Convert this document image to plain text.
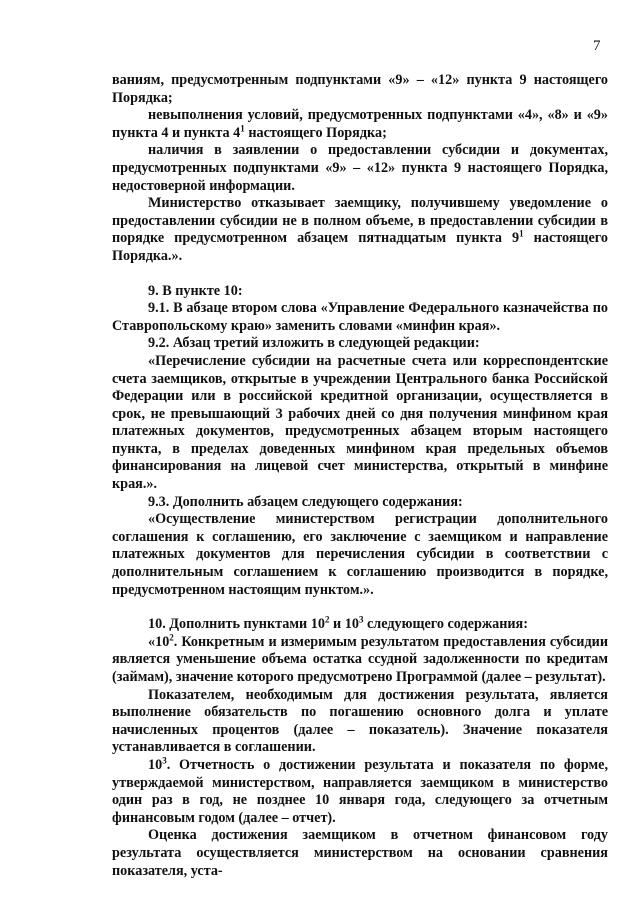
7

ваниям, предусмотренным подпунктами «9» – «12» пункта 9 настоящего Порядка;

невыполнения условий, предусмотренных подпунктами «4», «8» и «9» пункта 4 и пункта $4^1$ настоящего Порядка;

наличия в заявлении о предоставлении субсидии и документах, предусмотренных подпунктами «9» – «12» пункта 9 настоящего Порядка, недостоверной информации.

Министерство отказывает заемщику, получившему уведомление о предоставлении субсидии не в полном объеме, в предоставлении субсидии в порядке предусмотренном абзацем пятнадцатым пункта $9^1$ настоящего Порядка.».

9. В пункте 10:

9.1. В абзаце втором слова «Управление Федерального казначейства по Ставропольскому краю» заменить словами «минфин края».

9.2. Абзац третий изложить в следующей редакции:

«Перечисление субсидии на расчетные счета или корреспондентские счета заемщиков, открытые в учреждении Центрального банка Российской Федерации или в российской кредитной организации, осуществляется в срок, не превышающий 3 рабочих дней со дня получения минфином края платежных документов, предусмотренных абзацем вторым настоящего пункта, в пределах доведенных минфином края предельных объемов финансирования на лицевой счет министерства, открытый в минфине края.».

9.3. Дополнить абзацем следующего содержания:

«Осуществление министерством регистрации дополнительного соглашения к соглашению, его заключение с заемщиком и направление платежных документов для перечисления субсидии в соответствии с дополнительным соглашением к соглашению производится в порядке, предусмотренном настоящим пунктом.».

10. Дополнить пунктами $10^2$ и $10^3$ следующего содержания:

«$10^2$. Конкретным и измеримым результатом предоставления субсидии является уменьшение объема остатка ссудной задолженности по кредитам (займам), значение которого предусмотрено Программой (далее – результат).

Показателем, необходимым для достижения результата, является выполнение обязательств по погашению основного долга и уплате начисленных процентов (далее – показатель). Значение показателя устанавливается в соглашении.

$10^3$. Отчетность о достижении результата и показателя по форме, утверждаемой министерством, направляется заемщиком в министерство один раз в год, не позднее 10 января года, следующего за отчетным финансовым годом (далее – отчет).

Оценка достижения заемщиком в отчетном финансовом году результата осуществляется министерством на основании сравнения показателя, уста-
